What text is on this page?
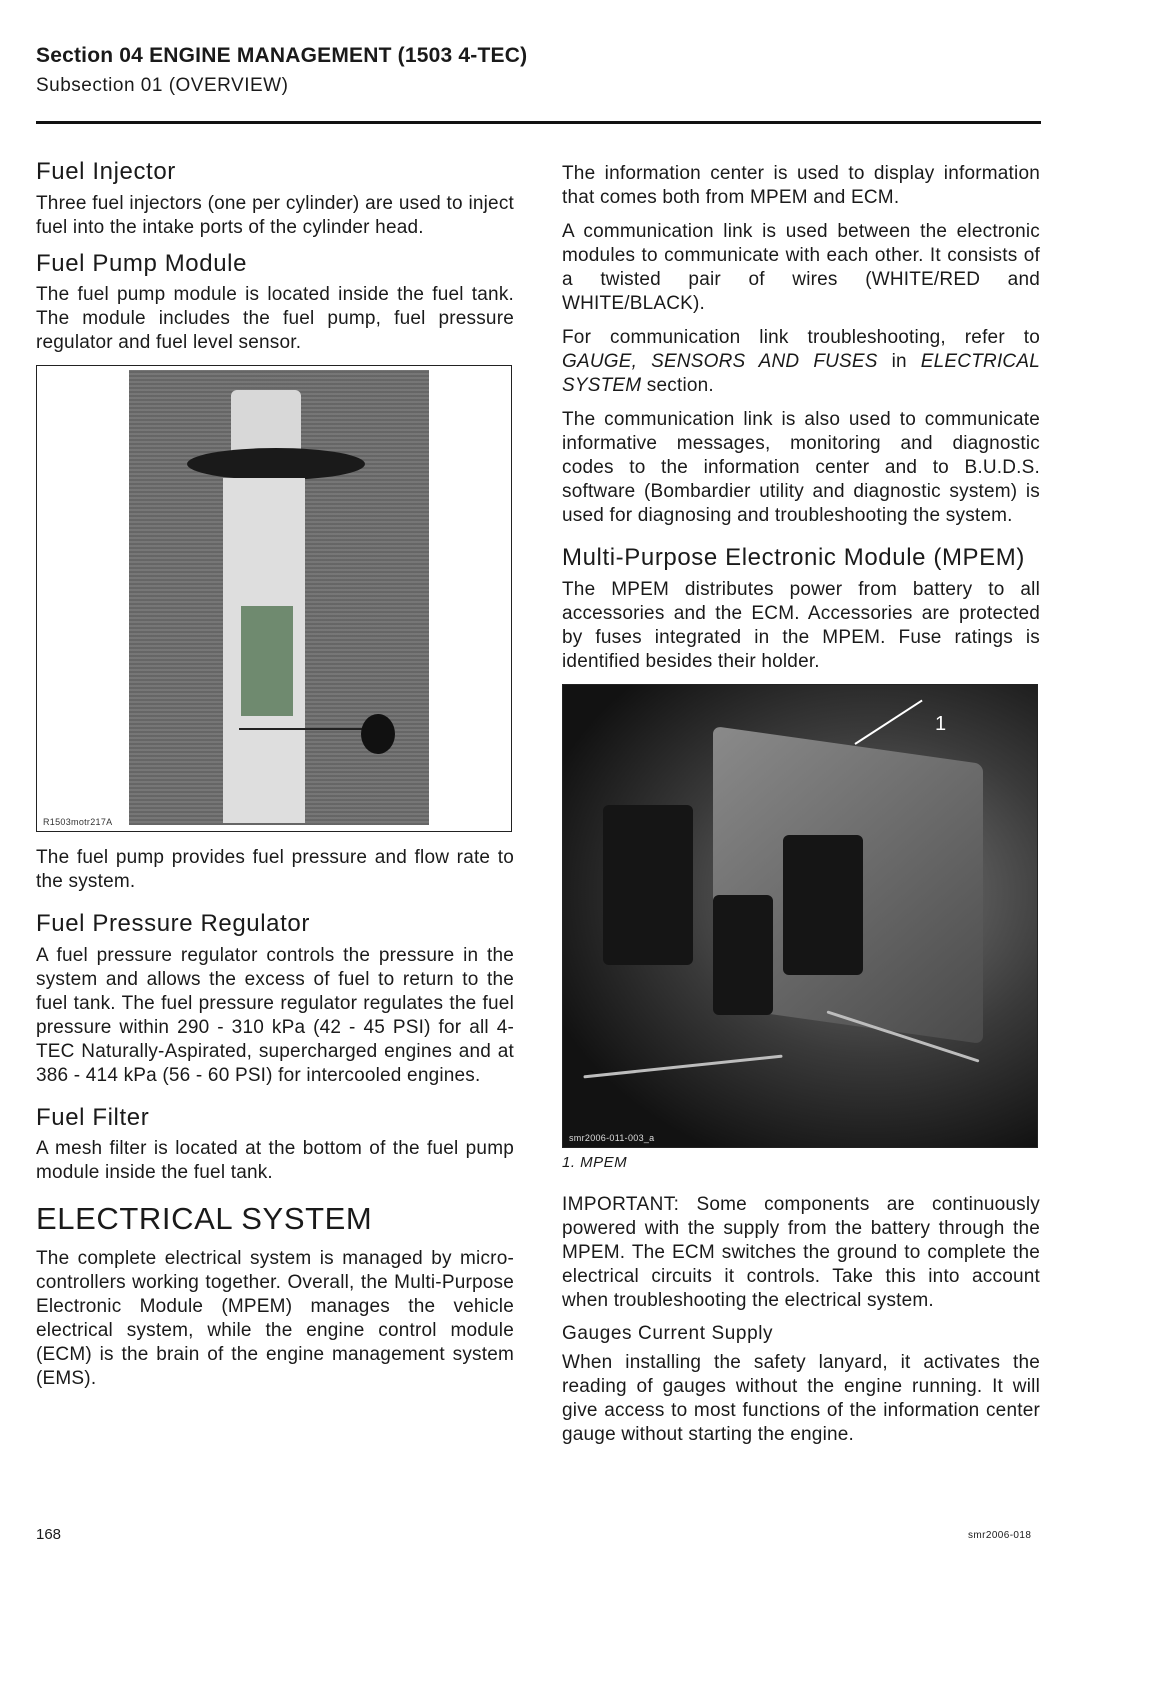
Section 04 ENGINE MANAGEMENT (1503 4-TEC)
Subsection 01 (OVERVIEW)
Fuel Injector

Three fuel injectors (one per cylinder) are used to inject fuel into the intake ports of the cylinder head.

Fuel Pump Module

The fuel pump module is located inside the fuel tank. The module includes the fuel pump, fuel pressure regulator and fuel level sensor.

R1503motr217A

The fuel pump provides fuel pressure and flow rate to the system.

Fuel Pressure Regulator

A fuel pressure regulator controls the pressure in the system and allows the excess of fuel to return to the fuel tank. The fuel pressure regulator regulates the fuel pressure within 290 - 310 kPa (42 - 45 PSI) for all 4-TEC Naturally-Aspirated, supercharged engines and at 386 - 414 kPa (56 - 60 PSI) for intercooled engines.

Fuel Filter

A mesh filter is located at the bottom of the fuel pump module inside the fuel tank.

ELECTRICAL SYSTEM

The complete electrical system is managed by micro-controllers working together. Overall, the Multi-Purpose Electronic Module (MPEM) manages the vehicle electrical system, while the engine control module (ECM) is the brain of the engine management system (EMS).

The information center is used to display information that comes both from MPEM and ECM.

A communication link is used between the electronic modules to communicate with each other. It consists of a twisted pair of wires (WHITE/RED and WHITE/BLACK).

For communication link troubleshooting, refer to GAUGE, SENSORS AND FUSES in ELECTRICAL SYSTEM section.

The communication link is also used to communicate informative messages, monitoring and diagnostic codes to the information center and to B.U.D.S. software (Bombardier utility and diagnostic system) is used for diagnosing and troubleshooting the system.

Multi-Purpose Electronic Module (MPEM)

The MPEM distributes power from battery to all accessories and the ECM. Accessories are protected by fuses integrated in the MPEM. Fuse ratings is identified besides their holder.

1
smr2006-011-003_a
1. MPEM

IMPORTANT: Some components are continuously powered with the supply from the battery through the MPEM. The ECM switches the ground to complete the electrical circuits it controls. Take this into account when troubleshooting the electrical system.

Gauges Current Supply

When installing the safety lanyard, it activates the reading of gauges without the engine running. It will give access to most functions of the information center gauge without starting the engine.

168	smr2006-018
